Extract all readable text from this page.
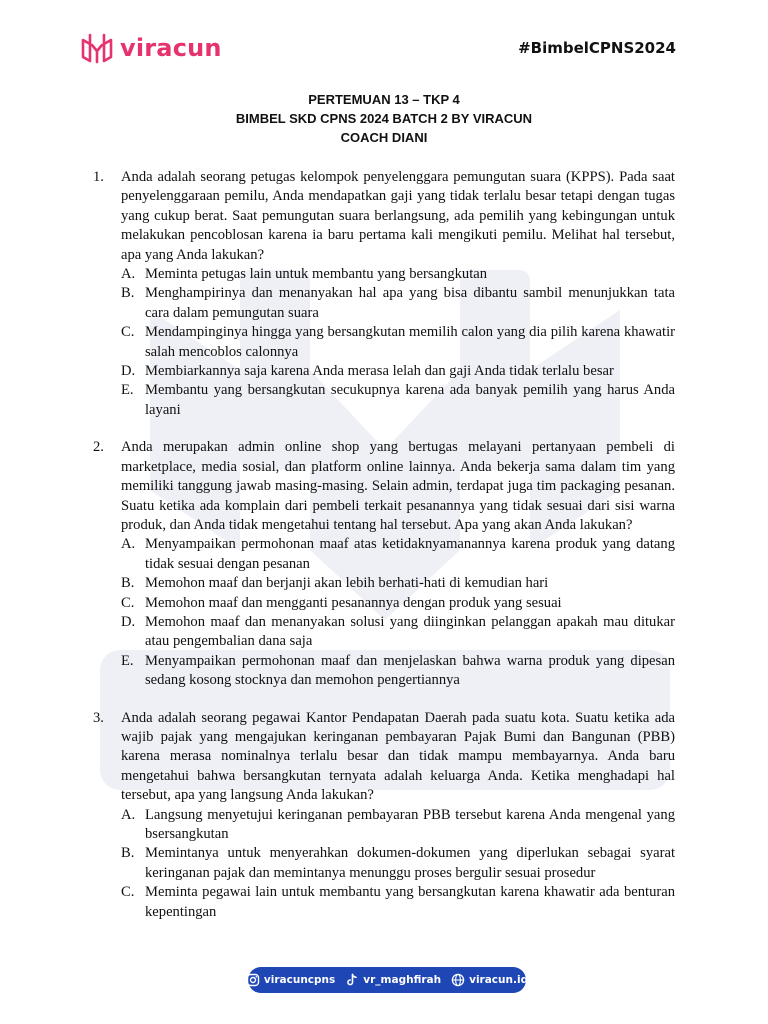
viracun	#BimbelCPNS2024
PERTEMUAN 13 – TKP 4
BIMBEL SKD CPNS 2024 BATCH 2 BY VIRACUN
COACH DIANI
1. Anda adalah seorang petugas kelompok penyelenggara pemungutan suara (KPPS). Pada saat penyelenggaraan pemilu, Anda mendapatkan gaji yang tidak terlalu besar tetapi dengan tugas yang cukup berat. Saat pemungutan suara berlangsung, ada pemilih yang kebingungan untuk melakukan pencoblosan karena ia baru pertama kali mengikuti pemilu. Melihat hal tersebut, apa yang Anda lakukan?
A. Meminta petugas lain untuk membantu yang bersangkutan
B. Menghampirinya dan menanyakan hal apa yang bisa dibantu sambil menunjukkan tata cara dalam pemungutan suara
C. Mendampinginya hingga yang bersangkutan memilih calon yang dia pilih karena khawatir salah mencoblos calonnya
D. Membiarkannya saja karena Anda merasa lelah dan gaji Anda tidak terlalu besar
E. Membantu yang bersangkutan secukupnya karena ada banyak pemilih yang harus Anda layani
2. Anda merupakan admin online shop yang bertugas melayani pertanyaan pembeli di marketplace, media sosial, dan platform online lainnya. Anda bekerja sama dalam tim yang memiliki tanggung jawab masing-masing. Selain admin, terdapat juga tim packaging pesanan. Suatu ketika ada komplain dari pembeli terkait pesanannya yang tidak sesuai dari sisi warna produk, dan Anda tidak mengetahui tentang hal tersebut. Apa yang akan Anda lakukan?
A. Menyampaikan permohonan maaf atas ketidaknyamanannya karena produk yang datang tidak sesuai dengan pesanan
B. Memohon maaf dan berjanji akan lebih berhati-hati di kemudian hari
C. Memohon maaf dan mengganti pesanannya dengan produk yang sesuai
D. Memohon maaf dan menanyakan solusi yang diinginkan pelanggan apakah mau ditukar atau pengembalian dana saja
E. Menyampaikan permohonan maaf dan menjelaskan bahwa warna produk yang dipesan sedang kosong stocknya dan memohon pengertiannya
3. Anda adalah seorang pegawai Kantor Pendapatan Daerah pada suatu kota. Suatu ketika ada wajib pajak yang mengajukan keringanan pembayaran Pajak Bumi dan Bangunan (PBB) karena merasa nominalnya terlalu besar dan tidak mampu membayarnya. Anda baru mengetahui bahwa bersangkutan ternyata adalah keluarga Anda. Ketika menghadapi hal tersebut, apa yang langsung Anda lakukan?
A. Langsung menyetujui keringanan pembayaran PBB tersebut karena Anda mengenal yang bsersangkutan
B. Memintanya untuk menyerahkan dokumen-dokumen yang diperlukan sebagai syarat keringanan pajak dan memintanya menunggu proses bergulir sesuai prosedur
C. Meminta pegawai lain untuk membantu yang bersangkutan karena khawatir ada benturan kepentingan
viracuncpns	vr_maghfirah	viracun.id
